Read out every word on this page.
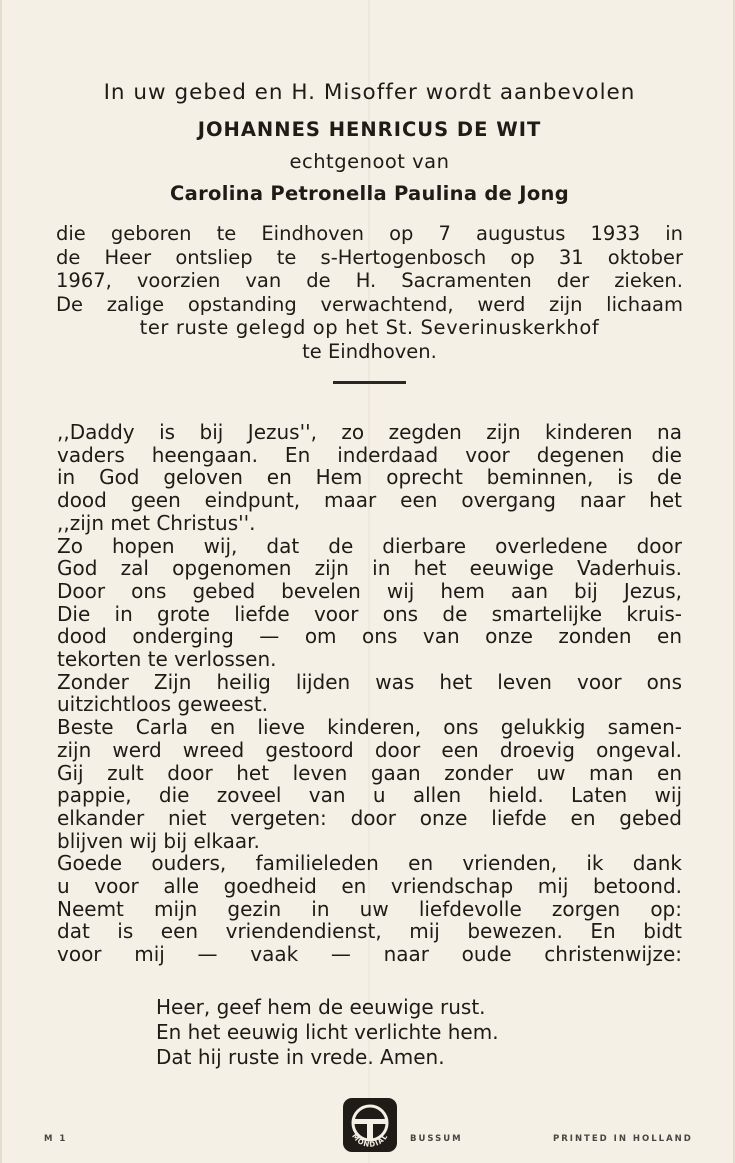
In uw gebed en H. Misoffer wordt aanbevolen
JOHANNES HENRICUS DE WIT
echtgenoot van
Carolina Petronella Paulina de Jong
die geboren te Eindhoven op 7 augustus 1933 in
de Heer ontsliep te s-Hertogenbosch op 31 oktober
1967, voorzien van de H. Sacramenten der zieken.
De zalige opstanding verwachtend, werd zijn lichaam
ter ruste gelegd op het St. Severinuskerkhof
te Eindhoven.
,,Daddy is bij Jezus'', zo zegden zijn kinderen na
vaders heengaan. En inderdaad voor degenen die
in God geloven en Hem oprecht beminnen, is de
dood geen eindpunt, maar een overgang naar het
,,zijn met Christus''.
Zo hopen wij, dat de dierbare overledene door
God zal opgenomen zijn in het eeuwige Vaderhuis.
Door ons gebed bevelen wij hem aan bij Jezus,
Die in grote liefde voor ons de smartelijke kruis-
dood onderging — om ons van onze zonden en
tekorten te verlossen.
Zonder Zijn heilig lijden was het leven voor ons
uitzichtloos geweest.
Beste Carla en lieve kinderen, ons gelukkig samen-
zijn werd wreed gestoord door een droevig ongeval.
Gij zult door het leven gaan zonder uw man en
pappie, die zoveel van u allen hield. Laten wij
elkander niet vergeten: door onze liefde en gebed
blijven wij bij elkaar.
Goede ouders, familieleden en vrienden, ik dank
u voor alle goedheid en vriendschap mij betoond.
Neemt mijn gezin in uw liefdevolle zorgen op:
dat is een vriendendienst, mij bewezen. En bidt
voor mij — vaak — naar oude christenwijze:
Heer, geef hem de eeuwige rust.
En het eeuwig licht verlichte hem.
Dat hij ruste in vrede. Amen.
M 1	MONDIAL BUSSUM	PRINTED IN HOLLAND
